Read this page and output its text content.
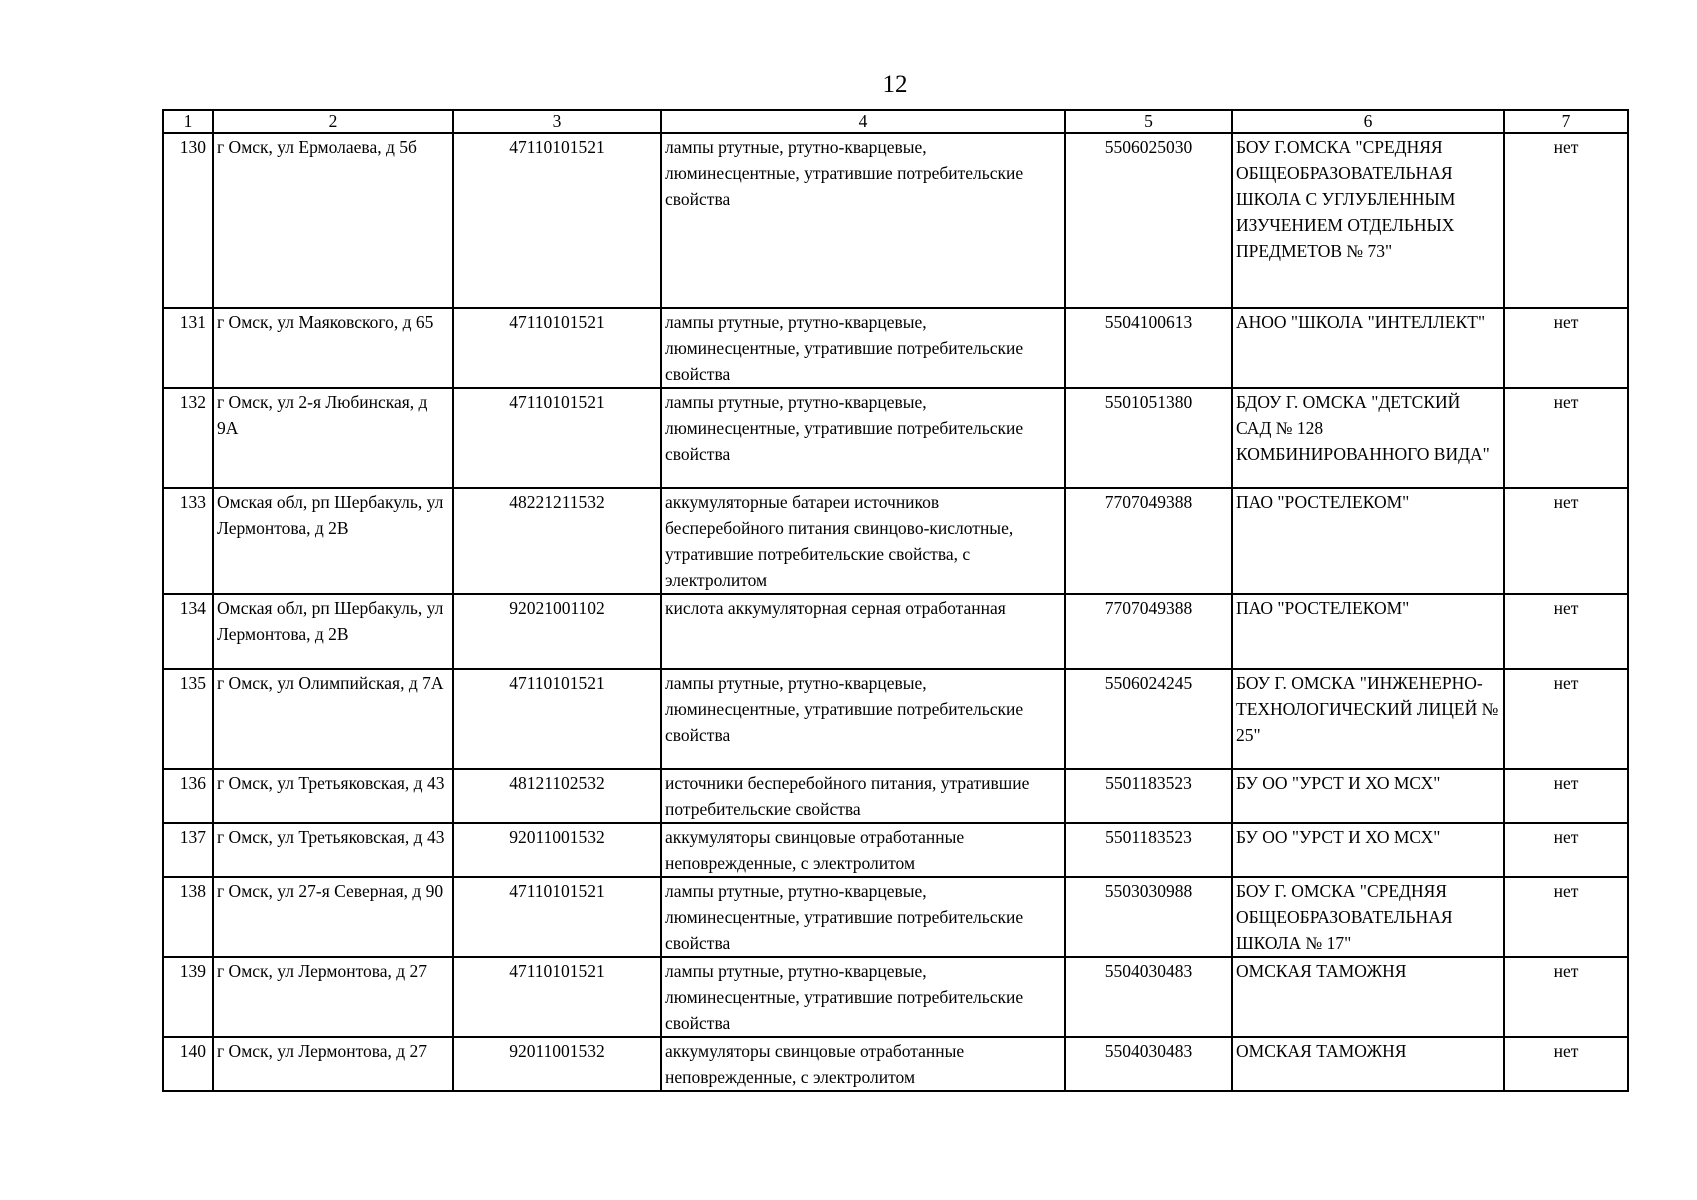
12
1	2	3	4	5	6	7
130	г Омск, ул Ермолаева, д 5б	47110101521	лампы ртутные, ртутно-кварцевые, люминесцентные, утратившие потребительские свойства	5506025030	БОУ Г.ОМСКА "СРЕДНЯЯ ОБЩЕОБРАЗОВАТЕЛЬНАЯ ШКОЛА С УГЛУБЛЕННЫМ ИЗУЧЕНИЕМ ОТДЕЛЬНЫХ ПРЕДМЕТОВ № 73"	нет
131	г Омск, ул Маяковского, д 65	47110101521	лампы ртутные, ртутно-кварцевые, люминесцентные, утратившие потребительские свойства	5504100613	АНОО "ШКОЛА "ИНТЕЛЛЕКТ"	нет
132	г Омск, ул 2-я Любинская, д 9А	47110101521	лампы ртутные, ртутно-кварцевые, люминесцентные, утратившие потребительские свойства	5501051380	БДОУ Г. ОМСКА "ДЕТСКИЙ САД № 128 КОМБИНИРОВАННОГО ВИДА"	нет
133	Омская обл, рп Шербакуль, ул Лермонтова, д 2В	48221211532	аккумуляторные батареи источников бесперебойного питания свинцово-кислотные, утратившие потребительские свойства, с электролитом	7707049388	ПАО "РОСТЕЛЕКОМ"	нет
134	Омская обл, рп Шербакуль, ул Лермонтова, д 2В	92021001102	кислота аккумуляторная серная отработанная	7707049388	ПАО "РОСТЕЛЕКОМ"	нет
135	г Омск, ул Олимпийская, д 7А	47110101521	лампы ртутные, ртутно-кварцевые, люминесцентные, утратившие потребительские свойства	5506024245	БОУ Г. ОМСКА "ИНЖЕНЕРНО-ТЕХНОЛОГИЧЕСКИЙ ЛИЦЕЙ № 25"	нет
136	г Омск, ул Третьяковская, д 43	48121102532	источники бесперебойного питания, утратившие потребительские свойства	5501183523	БУ ОО "УРСТ И ХО МСХ"	нет
137	г Омск, ул Третьяковская, д 43	92011001532	аккумуляторы свинцовые отработанные неповрежденные, с электролитом	5501183523	БУ ОО "УРСТ И ХО МСХ"	нет
138	г Омск, ул 27-я Северная, д 90	47110101521	лампы ртутные, ртутно-кварцевые, люминесцентные, утратившие потребительские свойства	5503030988	БОУ Г. ОМСКА "СРЕДНЯЯ ОБЩЕОБРАЗОВАТЕЛЬНАЯ ШКОЛА № 17"	нет
139	г Омск, ул Лермонтова, д 27	47110101521	лампы ртутные, ртутно-кварцевые, люминесцентные, утратившие потребительские свойства	5504030483	ОМСКАЯ ТАМОЖНЯ	нет
140	г Омск, ул Лермонтова, д 27	92011001532	аккумуляторы свинцовые отработанные неповрежденные, с электролитом	5504030483	ОМСКАЯ ТАМОЖНЯ	нет
